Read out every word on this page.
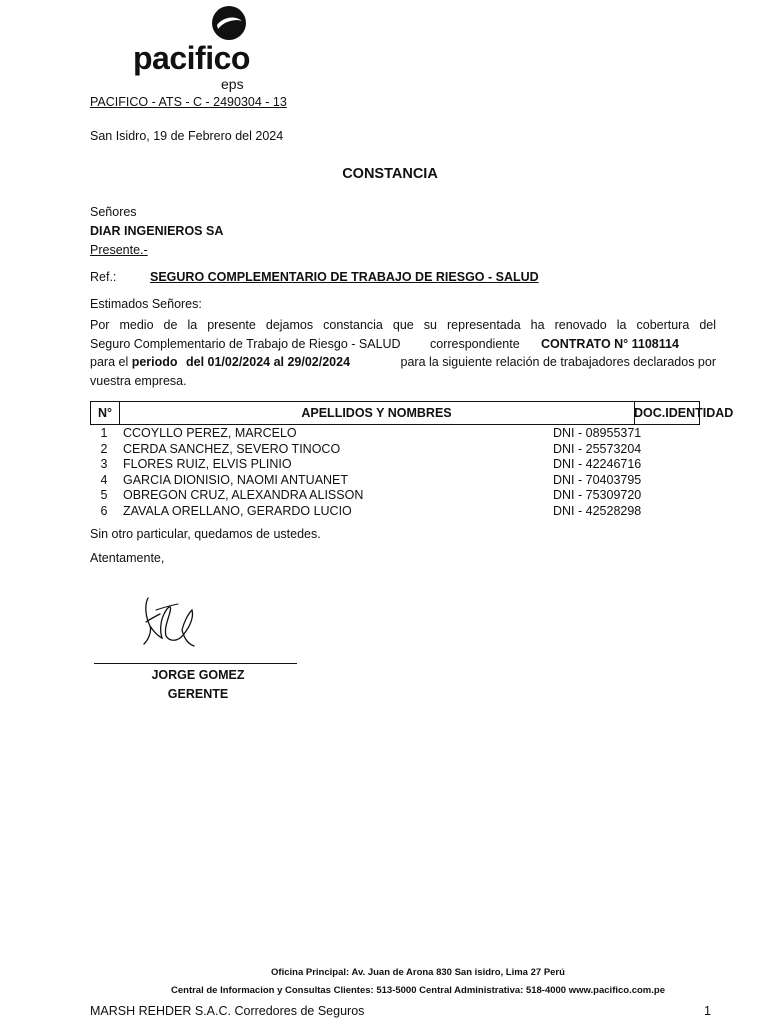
pacifico
eps
PACIFICO - ATS - C - 2490304 - 13
San Isidro, 19 de Febrero del 2024
CONSTANCIA
Señores
DIAR INGENIEROS SA
Presente.-
Ref.:	SEGURO COMPLEMENTARIO DE TRABAJO DE RIESGO - SALUD
Estimados Señores:
Por medio de la presente dejamos constancia que su representada ha renovado la cobertura del
Seguro Complementario de Trabajo de Riesgo - SALUD correspondiente CONTRATO N° 1108114
para el periodo del 01/02/2024 al 29/02/2024	para la siguiente relación de trabajadores declarados por
vuestra empresa.
N°	APELLIDOS Y NOMBRES	DOC.IDENTIDAD
1	CCOYLLO PEREZ, MARCELO	DNI - 08955371
2	CERDA SANCHEZ, SEVERO TINOCO	DNI - 25573204
3	FLORES RUIZ, ELVIS PLINIO	DNI - 42246716
4	GARCIA DIONISIO, NAOMI ANTUANET	DNI - 70403795
5	OBREGON CRUZ, ALEXANDRA ALISSON	DNI - 75309720
6	ZAVALA ORELLANO, GERARDO LUCIO	DNI - 42528298
Sin otro particular, quedamos de ustedes.
Atentamente,
JORGE GOMEZ
GERENTE
Oficina Principal: Av. Juan de Arona 830 San isidro, Lima 27 Perú
Central de Informacion y Consultas Clientes: 513-5000 Central Administrativa: 518-4000 www.pacifico.com.pe
MARSH REHDER S.A.C. Corredores de Seguros	1
